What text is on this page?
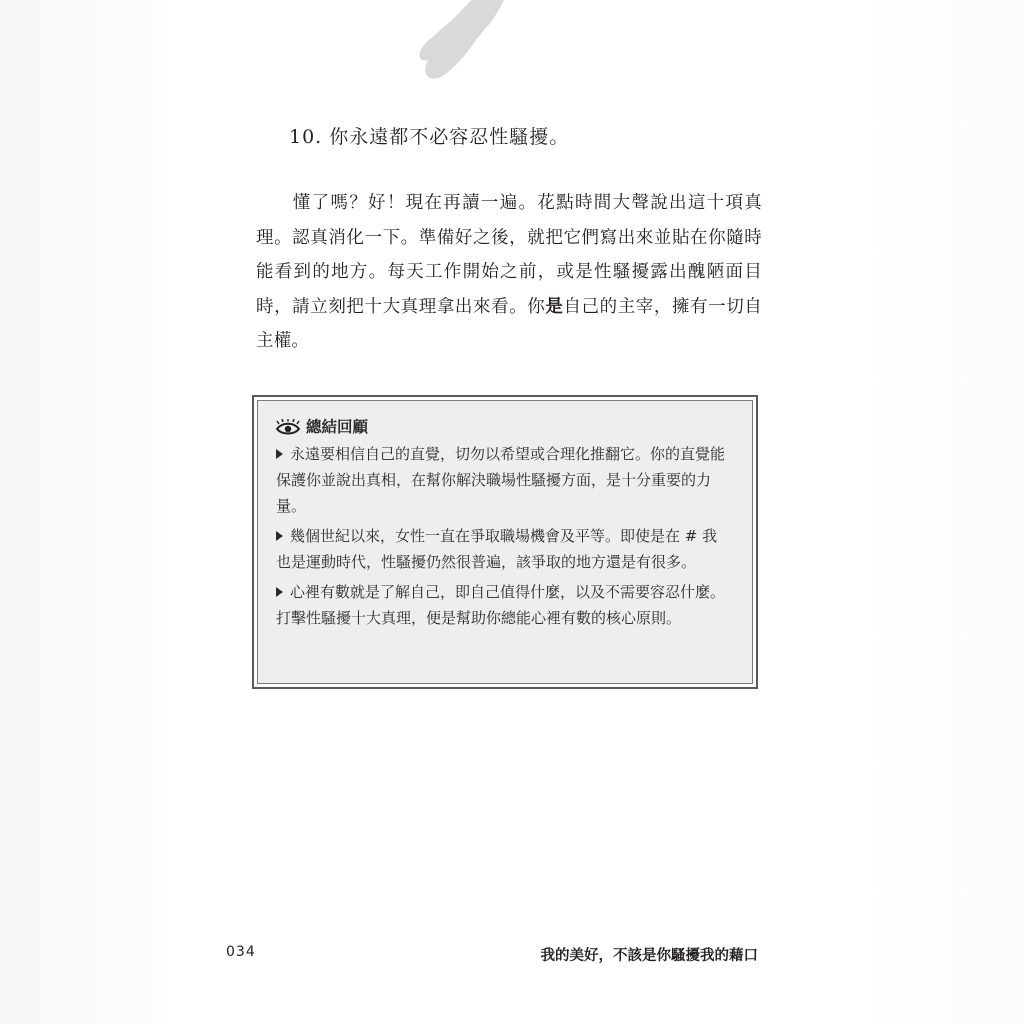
10. 你永遠都不必容忍性騷擾。

懂了嗎？好！現在再讀一遍。花點時間大聲說出這十項真理。認真消化一下。準備好之後，就把它們寫出來並貼在你隨時能看到的地方。每天工作開始之前，或是性騷擾露出醜陋面目時，請立刻把十大真理拿出來看。你是自己的主宰，擁有一切自主權。

總結回顧
永遠要相信自己的直覺，切勿以希望或合理化推翻它。你的直覺能保護你並說出真相，在幫你解決職場性騷擾方面，是十分重要的力量。
幾個世紀以來，女性一直在爭取職場機會及平等。即使是在 # 我也是運動時代，性騷擾仍然很普遍，該爭取的地方還是有很多。
心裡有數就是了解自己，即自己值得什麼，以及不需要容忍什麼。打擊性騷擾十大真理，便是幫助你總能心裡有數的核心原則。
034	我的美好，不該是你騷擾我的藉口
